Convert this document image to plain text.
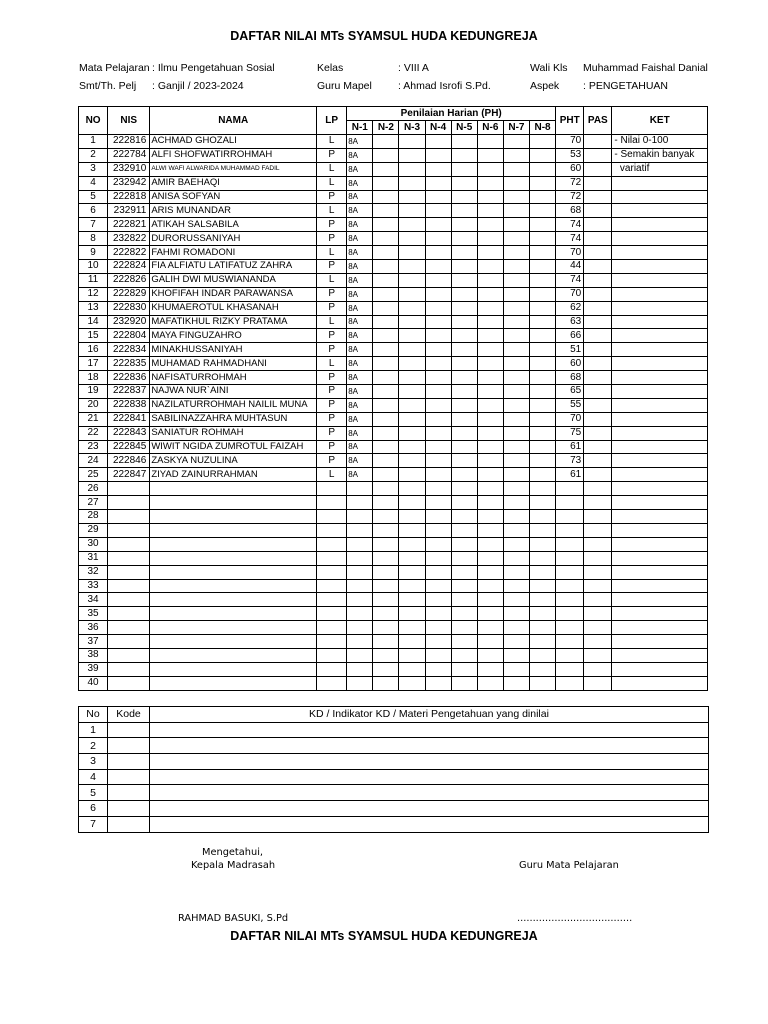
DAFTAR NILAI MTs SYAMSUL HUDA KEDUNGREJA
Mata Pelajaran : Ilmu Pengetahuan Sosial	Kelas	: VIII A	Wali Kls Muhammad Faishal Danial
Smt/Th. Pelj : Ganjil / 2023-2024	Guru Mapel : Ahmad Isrofi S.Pd.	Aspek : PENGETAHUAN
NO	NIS	NAMA	LP	Penilaian Harian (PH)								PHT	PAS	KET
				N-1	N-2	N-3	N-4	N-5	N-6	N-7	N-8			
1	222816	ACHMAD GHOZALI	L	8A								70		- Nilai 0-100
2	222784	ALFI SHOFWATIRROHMAH	P	8A								53		- Semakin banyak
3	232910	ALWI WAFI ALWARIDA MUHAMMAD FADIL	L	8A								60		variatif
4	232942	AMIR BAEHAQI	L	8A								72		
5	222818	ANISA SOFYAN	P	8A								72		
6	232911	ARIS MUNANDAR	L	8A								68		
7	222821	ATIKAH SALSABILA	P	8A								74		
8	232822	DURORUSSANIYAH	P	8A								74		
9	222822	FAHMI ROMADONI	L	8A								70		
10	222824	FIA ALFIATU LATIFATUZ ZAHRA	P	8A								44		
11	222826	GALIH DWI MUSWIANANDA	L	8A								74		
12	222829	KHOFIFAH INDAR PARAWANSA	P	8A								70		
13	222830	KHUMAEROTUL KHASANAH	P	8A								62		
14	232920	MAFATIKHUL RIZKY PRATAMA	L	8A								63		
15	222804	MAYA FINGUZAHRO	P	8A								66		
16	222834	MINAKHUSSANIYAH	P	8A								51		
17	222835	MUHAMAD RAHMADHANI	L	8A								60		
18	222836	NAFISATURROHMAH	P	8A								68		
19	222837	NAJWA NUR`AINI	P	8A								65		
20	222838	NAZILATURROHMAH NAILIL MUNA	P	8A								55		
21	222841	SABILINAZZAHRA MUHTASUN	P	8A								70		
22	222843	SANIATUR ROHMAH	P	8A								75		
23	222845	WIWIT NGIDA ZUMROTUL FAIZAH	P	8A								61		
24	222846	ZASKYA NUZULINA	P	8A								73		
25	222847	ZIYAD ZAINURRAHMAN	L	8A								61		
26														
27														
28														
29														
30														
31														
32														
33														
34														
35														
36														
37														
38														
39														
40														
No	Kode	KD / Indikator KD / Materi Pengetahuan yang dinilai
1		
2		
3		
4		
5		
6		
7		
Mengetahui,
Kepala Madrasah	Guru Mata Pelajaran
RAHMAD BASUKI, S.Pd	.....................................
DAFTAR NILAI MTs SYAMSUL HUDA KEDUNGREJA
